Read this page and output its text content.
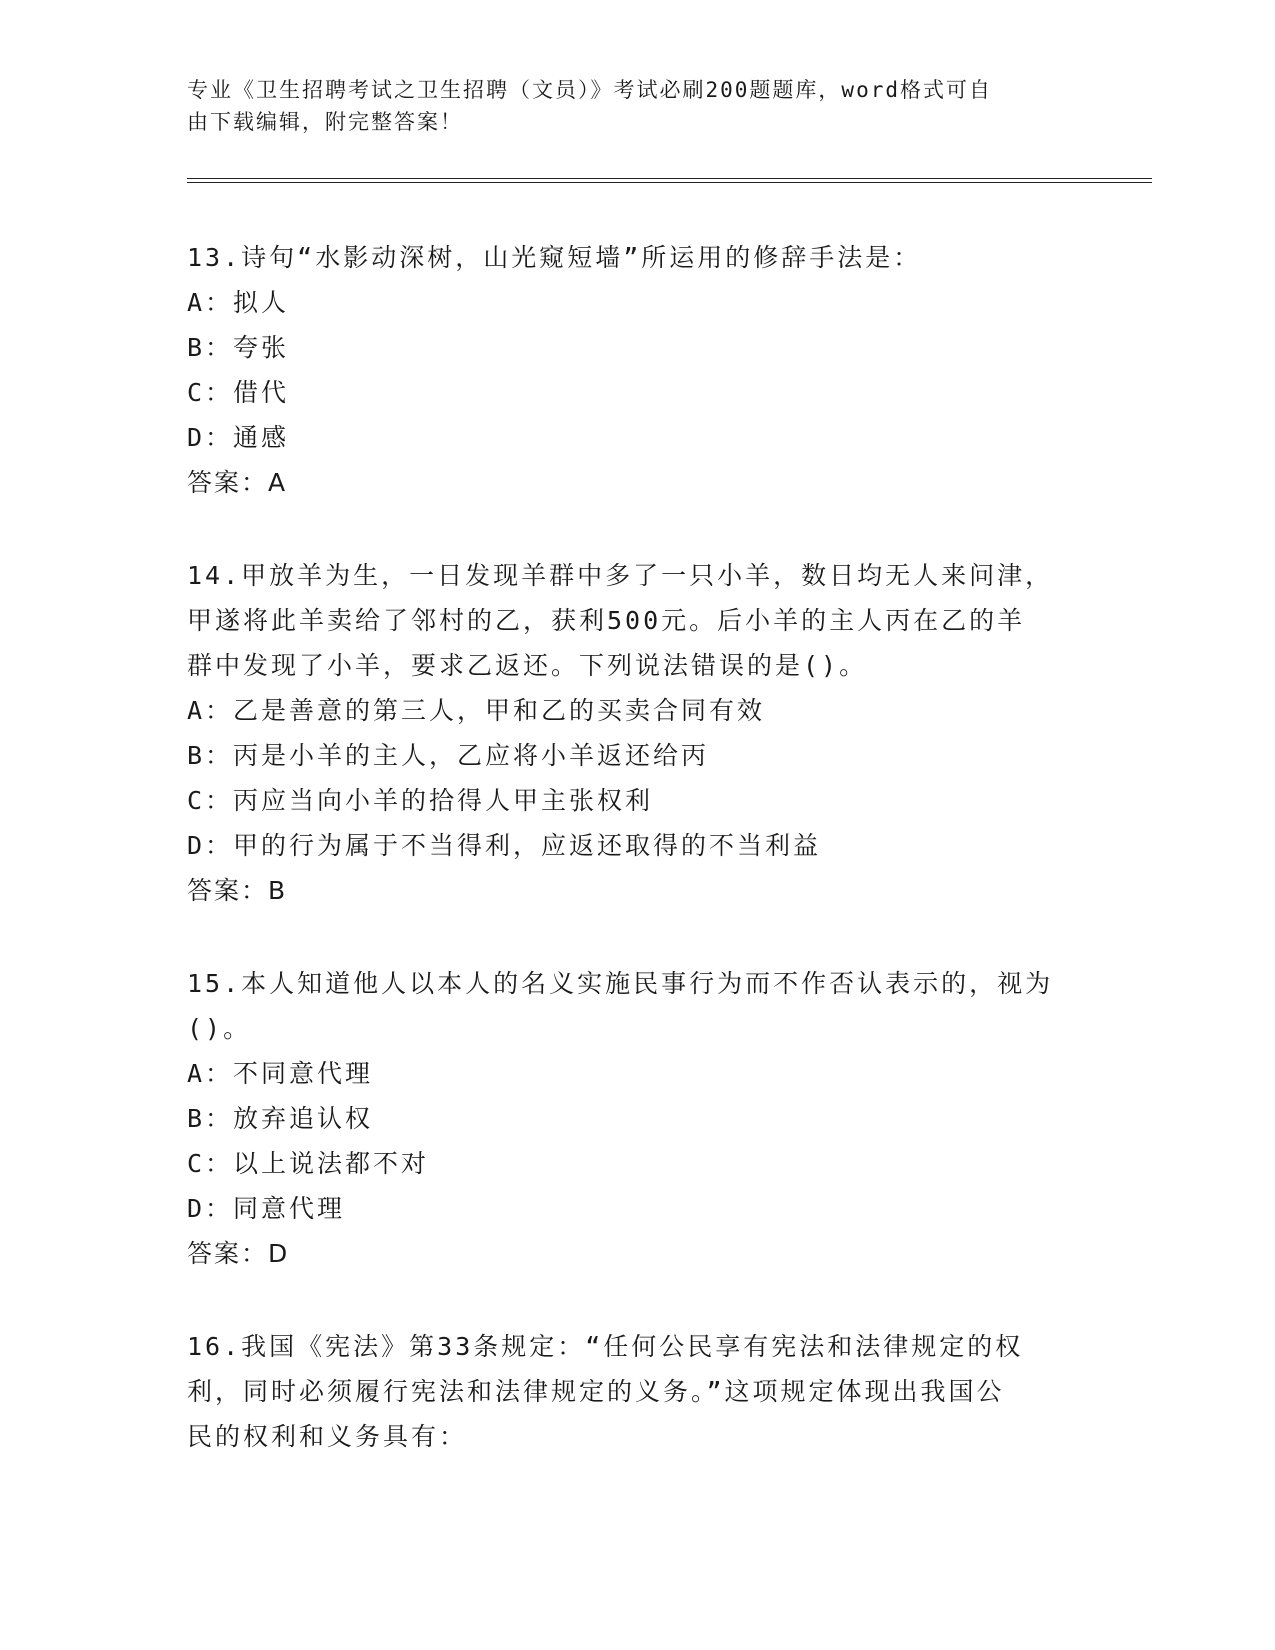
专业《卫生招聘考试之卫生招聘（文员）》考试必刷200题题库，word格式可自
由下载编辑，附完整答案！

13.诗句“水影动深树，山光窥短墙”所运用的修辞手法是：

A：拟人

B：夸张

C：借代

D：通感

答案：A

14.甲放羊为生，一日发现羊群中多了一只小羊，数日均无人来问津，

甲遂将此羊卖给了邻村的乙，获利500元。后小羊的主人丙在乙的羊

群中发现了小羊，要求乙返还。下列说法错误的是()。

A：乙是善意的第三人，甲和乙的买卖合同有效

B：丙是小羊的主人，乙应将小羊返还给丙

C：丙应当向小羊的拾得人甲主张权利

D：甲的行为属于不当得利，应返还取得的不当利益

答案：B

15.本人知道他人以本人的名义实施民事行为而不作否认表示的，视为

()。

A：不同意代理

B：放弃追认权

C：以上说法都不对

D：同意代理

答案：D

16.我国《宪法》第33条规定：“任何公民享有宪法和法律规定的权

利，同时必须履行宪法和法律规定的义务。”这项规定体现出我国公

民的权利和义务具有：
